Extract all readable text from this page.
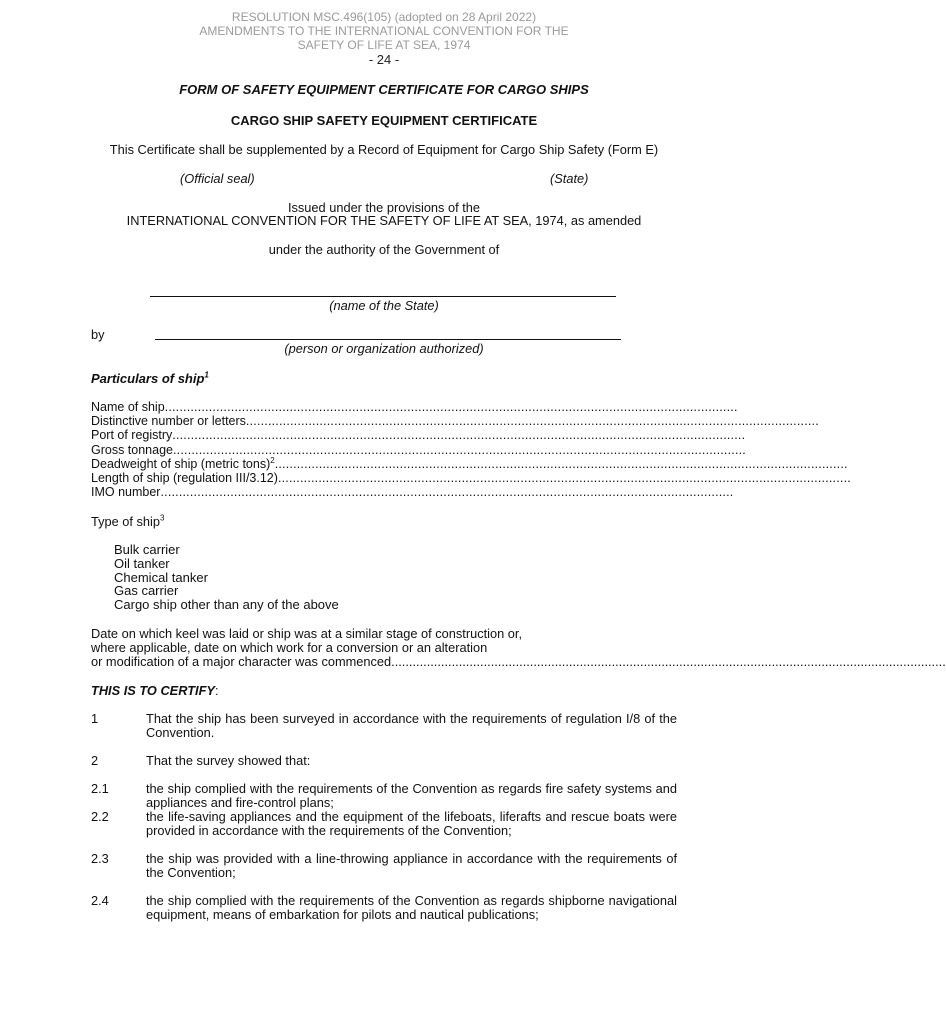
RESOLUTION MSC.496(105) (adopted on 28 April 2022)
AMENDMENTS TO THE INTERNATIONAL CONVENTION FOR THE
SAFETY OF LIFE AT SEA, 1974
- 24 -
FORM OF SAFETY EQUIPMENT CERTIFICATE FOR CARGO SHIPS
CARGO SHIP SAFETY EQUIPMENT CERTIFICATE
This Certificate shall be supplemented by a Record of Equipment for Cargo Ship Safety (Form E)
(Official seal)	(State)
Issued under the provisions of the
INTERNATIONAL CONVENTION FOR THE SAFETY OF LIFE AT SEA, 1974, as amended
under the authority of the Government of
(name of the State)
by
(person or organization authorized)
Particulars of ship$^1$
Name of ship ............................................................................................................................................................
Distinctive number or letters ............................................................................................................................................................
Port of registry ............................................................................................................................................................
Gross tonnage ............................................................................................................................................................
Deadweight of ship (metric tons)$^2$ ............................................................................................................................................................
Length of ship (regulation III/3.12) ............................................................................................................................................................
IMO number ............................................................................................................................................................
Type of ship$^3$
Bulk carrier
Oil tanker
Chemical tanker
Gas carrier
Cargo ship other than any of the above
Date on which keel was laid or ship was at a similar stage of construction or,
where applicable, date on which work for a conversion or an alteration
or modification of a major character was commenced ............................................................................................................................................................
THIS IS TO CERTIFY:
1	That the ship has been surveyed in accordance with the requirements of regulation I/8 of the Convention.
2	That the survey showed that:
2.1	the ship complied with the requirements of the Convention as regards fire safety systems and appliances and fire-control plans;
2.2	the life-saving appliances and the equipment of the lifeboats, liferafts and rescue boats were provided in accordance with the requirements of the Convention;
2.3	the ship was provided with a line-throwing appliance in accordance with the requirements of the Convention;
2.4	the ship complied with the requirements of the Convention as regards shipborne navigational equipment, means of embarkation for pilots and nautical publications;
